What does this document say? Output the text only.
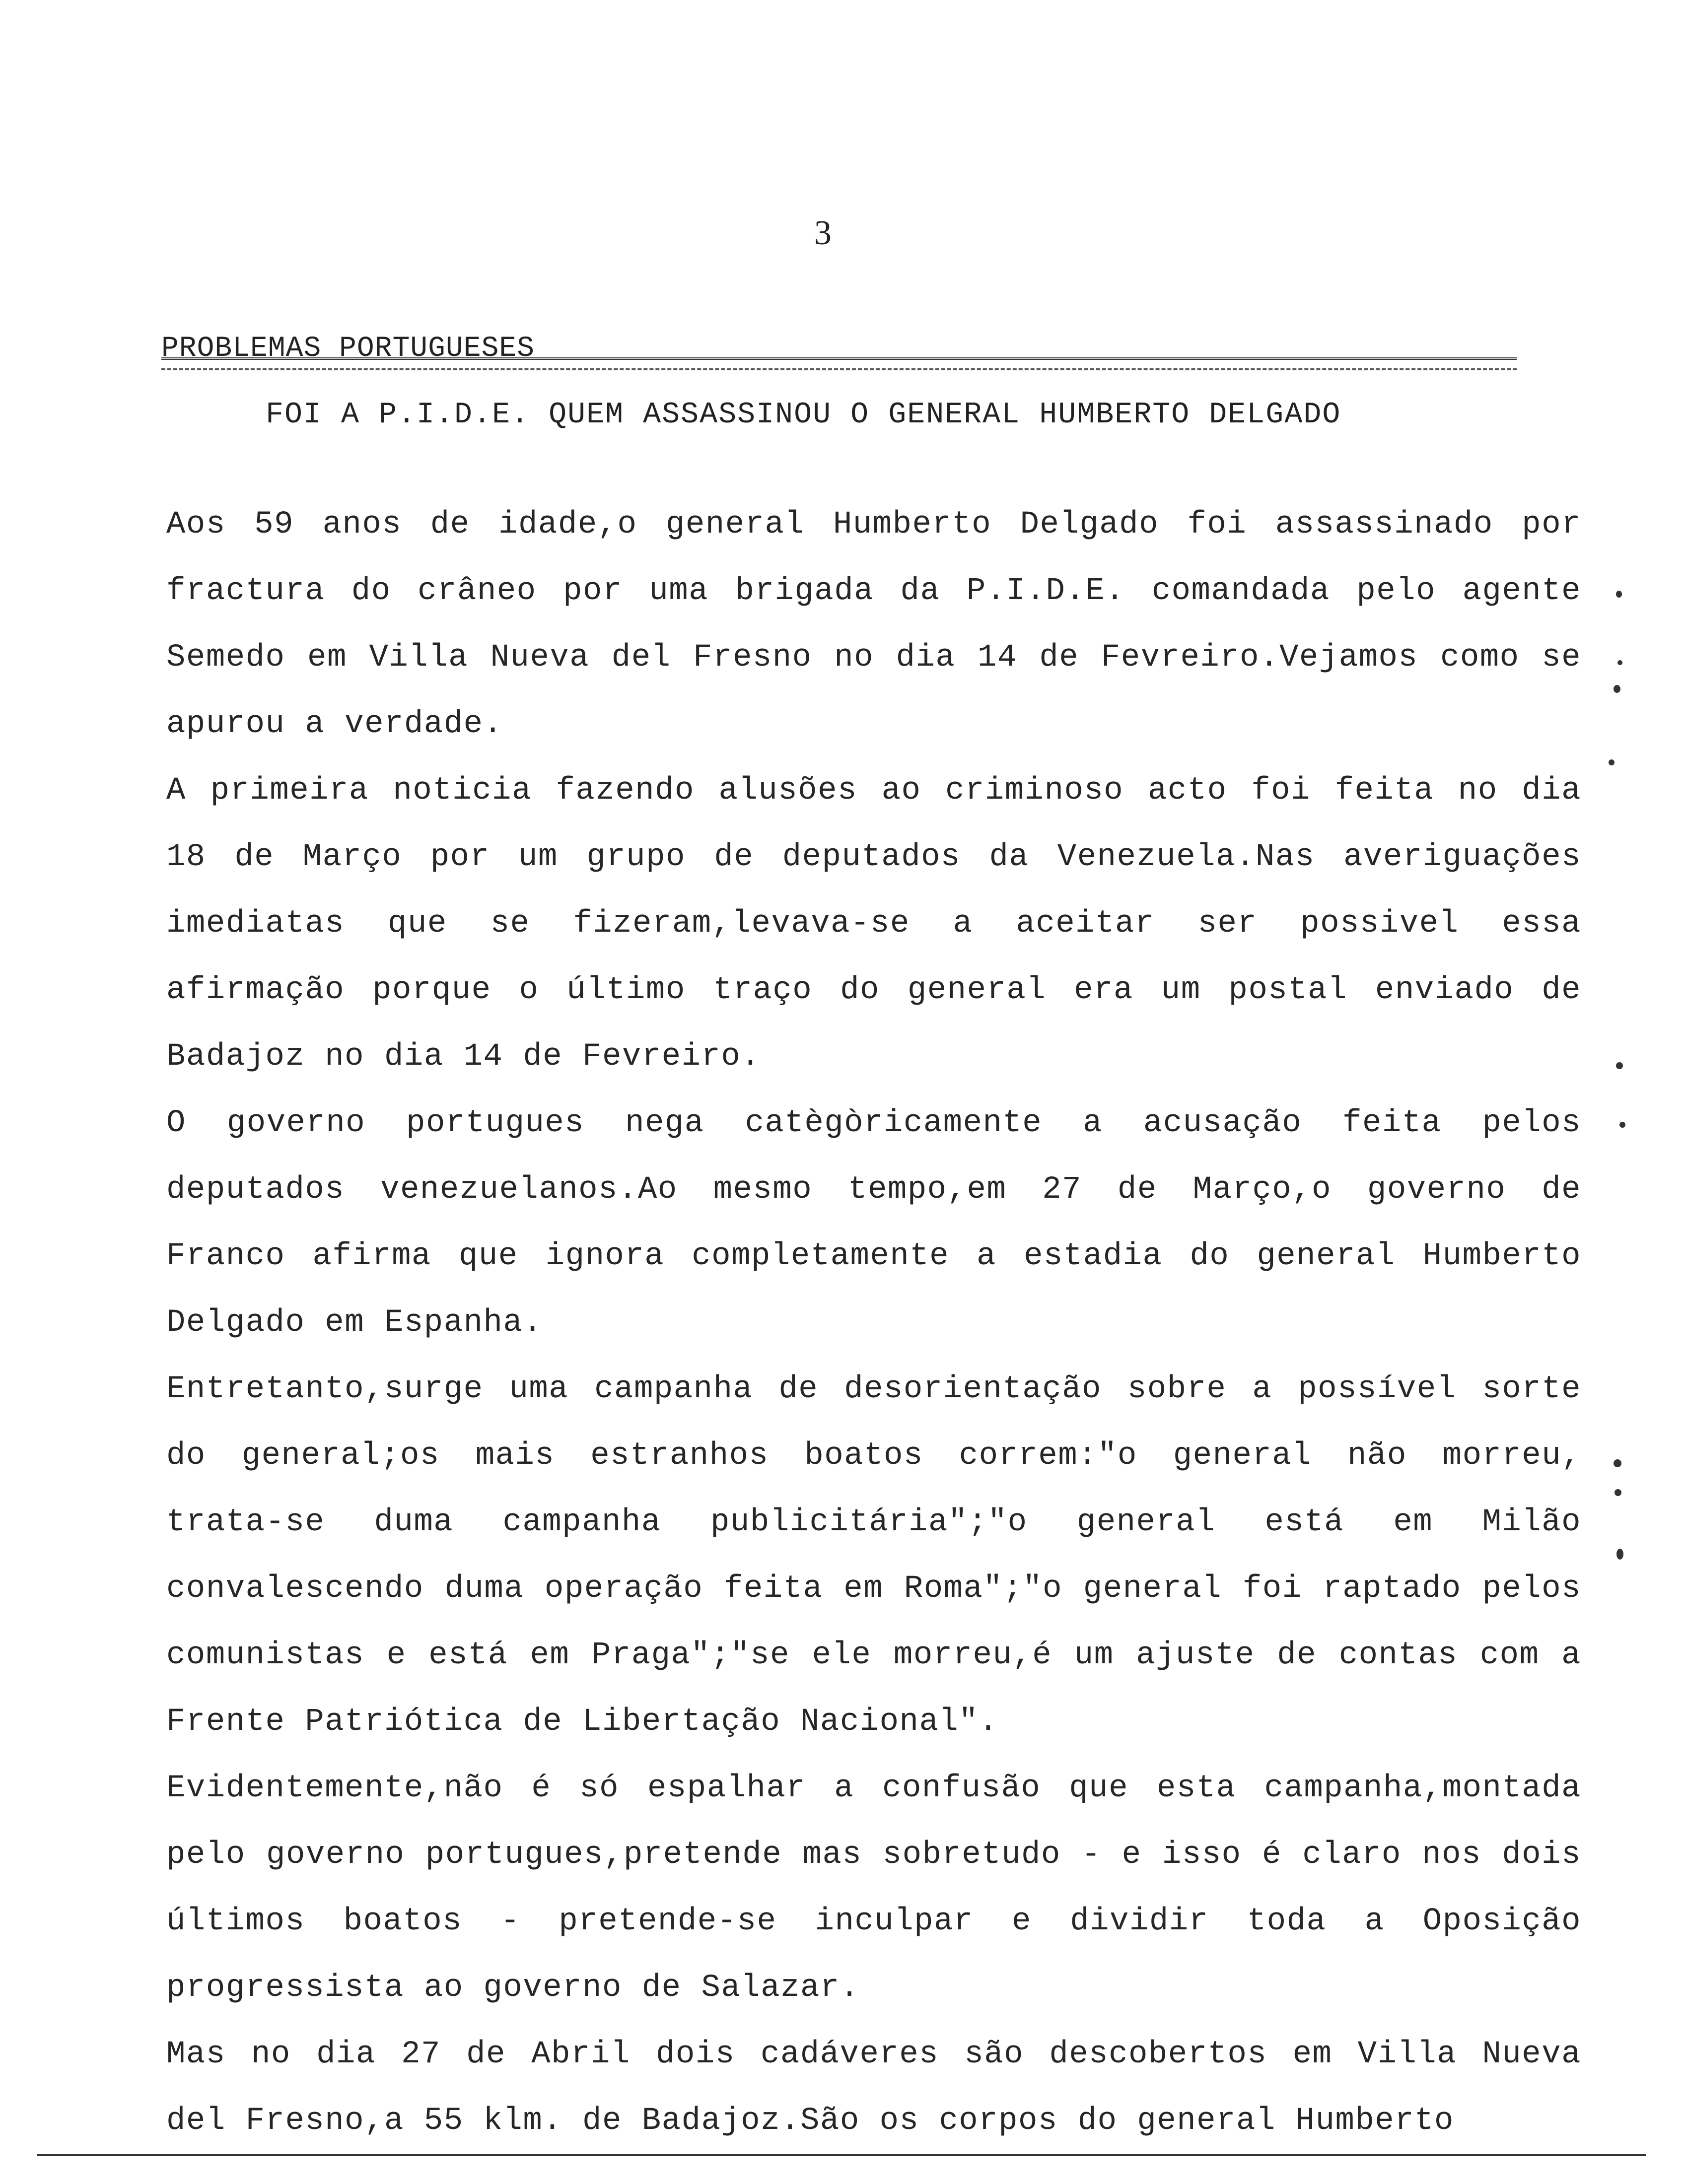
3
PROBLEMAS PORTUGUESES
FOI A P.I.D.E. QUEM ASSASSINOU O GENERAL HUMBERTO DELGADO

Aos 59 anos de idade,o general Humberto Delgado foi assassinado por fractura do crâneo por uma brigada da P.I.D.E. comandada pelo agente Semedo em Villa Nueva del Fresno no dia 14 de Fevreiro.Vejamos como se apurou a verdade.

A primeira noticia fazendo alusões ao criminoso acto foi feita no dia 18 de Março por um grupo de deputados da Venezuela.Nas averiguações imediatas que se fizeram,levava-se a aceitar ser possivel essa afirmação porque o último traço do general era um postal enviado de Badajoz no dia 14 de Fevreiro.

O governo portugues nega catègòricamente a acusação feita pelos deputados venezuelanos.Ao mesmo tempo,em 27 de Março,o governo de Franco afirma que ignora completamente a estadia do general Humberto Delgado em Espanha.

Entretanto,surge uma campanha de desorientação sobre a possível sorte do general;os mais estranhos boatos correm:"o general não morreu, trata-se duma campanha publicitária";"o general está em Milão convalescendo duma operação feita em Roma";"o general foi raptado pelos comunistas e está em Praga";"se ele morreu,é um ajuste de contas com a Frente Patriótica de Libertação Nacional".

Evidentemente,não é só espalhar a confusão que esta campanha,montada pelo governo portugues,pretende mas sobretudo - e isso é claro nos dois últimos boatos - pretende-se inculpar e dividir toda a Oposição progressista ao governo de Salazar.

Mas no dia 27 de Abril dois cadáveres são descobertos em Villa Nueva del Fresno,a 55 klm. de Badajoz.São os corpos do general Humberto
